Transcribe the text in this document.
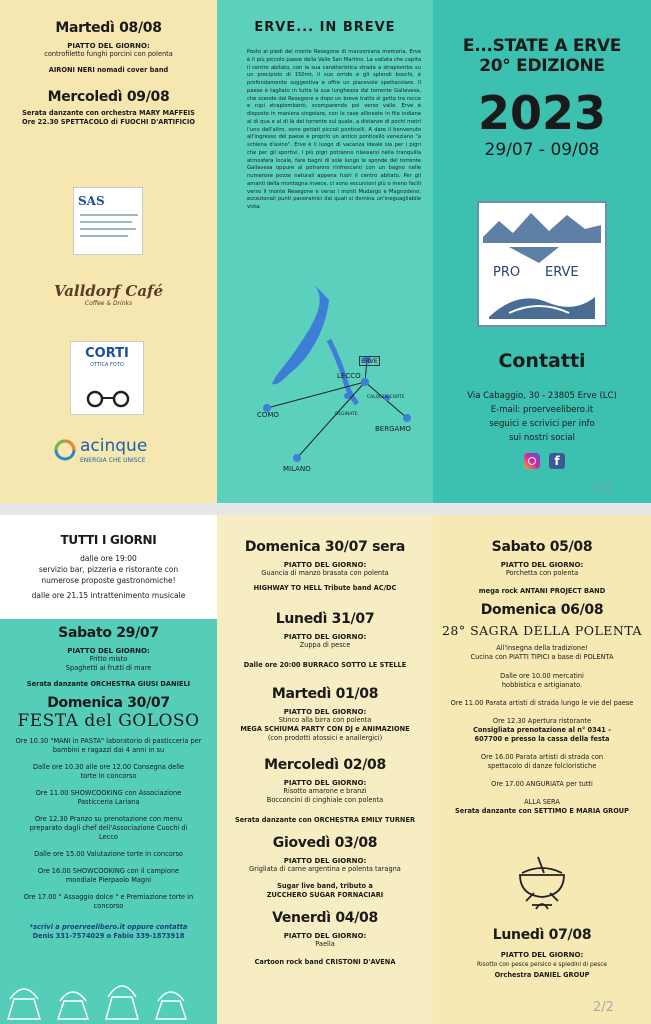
Martedì 08/08
PIATTO DEL GIORNO:
controfiletto funghi porcini con polenta
AIRONI NERI nomadi cover band
Mercoledì 09/08
Serata danzante con orchestra MARY MAFFEIS
Ore 22.30 SPETTACOLO di FUOCHI D'ARTIFICIO
SAS
Valldorf Café
Coffee & Drinks
CORTI
OTTICA FOTO
acinque
ENERGIA CHE UNISCE
ERVE... IN BREVE
Posto ai piedi del monte Resegone di manzoniana memoria, Erve è il più piccolo paese della Valle San Martino. La vallata che capita il centro abitato, con la sua caratteristica strada a strapiombo su un precipizio di 150mt, il suo orrido e gli splendi boschi, è profondamente suggestiva e offre un piacevole spettacolare. Il paese è tagliato in tutta la sua lunghezza dal torrente Gallavesa, che scende dal Resegone e dopo un breve tratto si getta tra rocce e rupi strapiombanti, scomparendo poi verso valle. Erve è disposto in maniera singolare, con le case allineate in file indiane al di qua e al di là del torrente sul quale, a distanze di pochi metri l'uno dall'altro, sono gettati piccoli ponticelli. A dare il benvenuto all'ingresso del paese è proprio un antico ponticello veneziano "a schiena d'asino". Erve è il luogo di vacanza ideale sia per i pigri che per gli sportivi. I più pigri potranno rilassarsi nella tranquilla atmosfera locale, fare bagni di sole lungo le sponde del torrente Gallavesa oppure al potranno rinfrescarsi con un bagno nelle numerose pozze naturali appena fuori il centro abitato. Per gli amanti della montagna invece, ci sono escursioni più o meno facili verso il monte Resegone e verso i monti Mudargo e Magnodeno, eccezionali punti panoramici dai quali si domina un'ineguagliabile vista.
ERVE
LECCO
CALOLZIOCORTE
OLGINATE
COMO
BERGAMO
MILANO
E...STATE A ERVE
20° EDIZIONE
2023
29/07 - 09/08
PRO ERVE
Contatti
Via Cabaggio, 30 - 23805 Erve (LC)
E-mail: proerveelibero.it
seguici e scrivici per info
sui nostri social
f
1/2
TUTTI I GIORNI
dalle ore 19:00
servizio bar, pizzeria e ristorante con
numerose proposte gastronomiche!
dalle ore 21.15 intrattenimento musicale
Sabato 29/07
PIATTO DEL GIORNO:
Fritto misto
Spaghetti ai frutti di mare
Serata danzante ORCHESTRA GIUSI DANIELI
Domenica 30/07
FESTA del GOLOSO
Ore 10.30 "MANI in PASTA" laboratorio di pasticceria per bambini e ragazzi dai 4 anni in su
Dalle ore 10.30 alle ore 12.00 Consegna delle torte in concorso
Ore 11.00 SHOWCOOKING con Associazione Pasticceria Lariana
Ore 12.30 Pranzo su prenotazione con menu preparato dagli chef dell'Associazione Cuochi di Lecco
Dalle ore 15.00 Valutazione torte in concorso
Ore 16.00 SHOWCOOKING con il campione mondiale Pierpaolo Magni
Ore 17.00 " Assaggio dolce " e Premiazione torte in concorso
*scrivi a proerveelibero.it oppure contatta
Denis 331-7574029 o Fabio 339-1873918
Domenica 30/07 sera
PIATTO DEL GIORNO:
Guancia di manzo brasata con polenta
HIGHWAY TO HELL Tribute band AC/DC
Lunedì 31/07
PIATTO DEL GIORNO:
Zuppa di pesce
Dalle ore 20:00 BURRACO SOTTO LE STELLE
Martedì 01/08
PIATTO DEL GIORNO:
Stinco alla birra con polenta
MEGA SCHIUMA PARTY CON DJ e ANIMAZIONE
(con prodotti atossici e anallergici)
Mercoledì 02/08
PIATTO DEL GIORNO:
Risotto amarone e branzi
Bocconcini di cinghiale con polenta
Serata danzante con ORCHESTRA EMILY TURNER
Giovedì 03/08
PIATTO DEL GIORNO:
Grigliata di carne argentina e polenta taragna
Sugar live band, tributo a
ZUCCHERO SUGAR FORNACIARI
Venerdì 04/08
PIATTO DEL GIORNO:
Paella
Cartoon rock band CRISTONI D'AVENA
Sabato 05/08
PIATTO DEL GIORNO:
Porchetta con polenta
mega rock ANTANI PROJECT BAND
Domenica 06/08
28° SAGRA DELLA POLENTA
All'insegna della tradizione!
Cucina con PIATTI TIPICI a base di POLENTA
Dalle ore 10.00 mercatini hobbistica e artigianato.
Ore 11.00 Parata artisti di strada lungo le vie del paese
Ore 12.30 Apertura ristorante
Consigliata prenotazione al n° 0341 - 607700 e presso la cassa della festa
Ore 16.00 Parata artisti di strada con spettacolo di danze folcloristiche
Ore 17.00 ANGURIATA per tutti
ALLA SERA
Serata danzante con SETTIMO E MARIA GROUP
Lunedì 07/08
PIATTO DEL GIORNO:
Risotto con pesce persico e spiedini di pesce
Orchestra DANIEL GROUP
2/2
